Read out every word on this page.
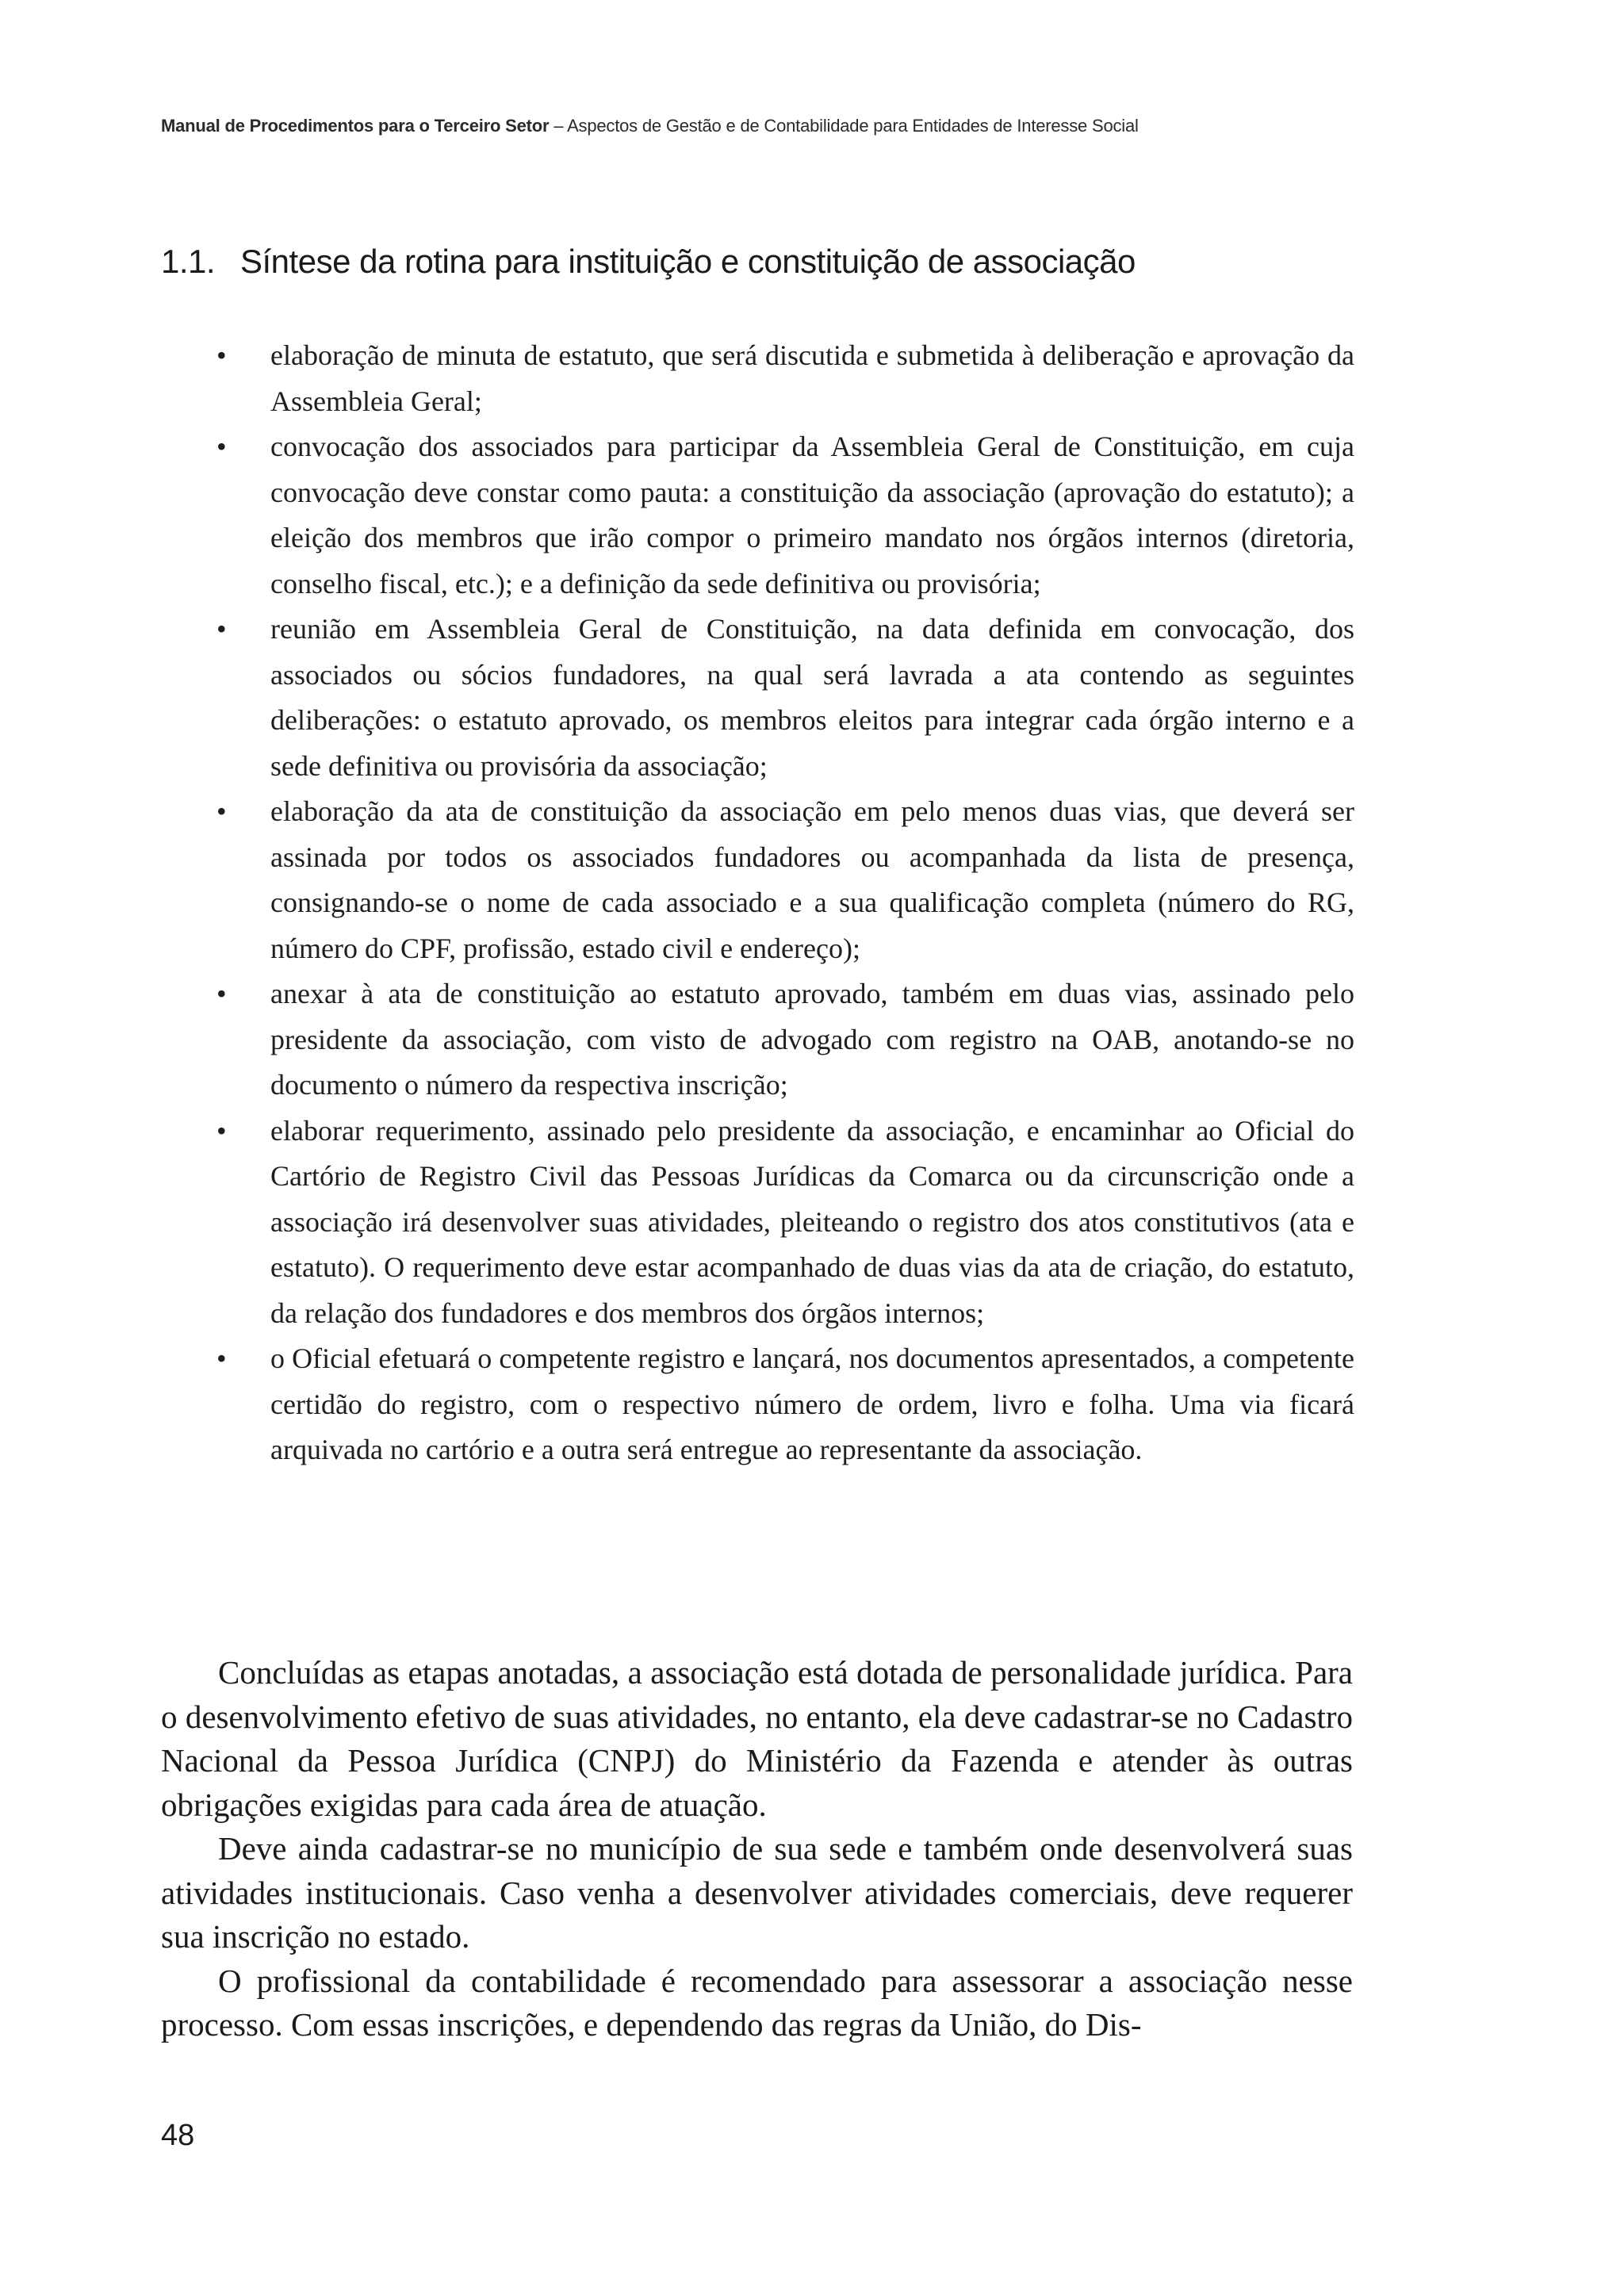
Manual de Procedimentos para o Terceiro Setor – Aspectos de Gestão e de Contabilidade para Entidades de Interesse Social
1.1. Síntese da rotina para instituição e constituição de associação
• elaboração de minuta de estatuto, que será discutida e submetida à deliberação e aprovação da Assembleia Geral;
• convocação dos associados para participar da Assembleia Geral de Constituição, em cuja convocação deve constar como pauta: a constituição da associação (aprovação do estatuto); a eleição dos membros que irão compor o primeiro mandato nos órgãos internos (diretoria, conselho fiscal, etc.); e a definição da sede definitiva ou provisória;
• reunião em Assembleia Geral de Constituição, na data definida em convocação, dos associados ou sócios fundadores, na qual será lavrada a ata contendo as seguintes deliberações: o estatuto aprovado, os membros eleitos para integrar cada órgão interno e a sede definitiva ou provisória da associação;
• elaboração da ata de constituição da associação em pelo menos duas vias, que deverá ser assinada por todos os associados fundadores ou acompanhada da lista de presença, consignando-se o nome de cada associado e a sua qualificação completa (número do RG, número do CPF, profissão, estado civil e endereço);
• anexar à ata de constituição ao estatuto aprovado, também em duas vias, assinado pelo presidente da associação, com visto de advogado com registro na OAB, anotando-se no documento o número da respectiva inscrição;
• elaborar requerimento, assinado pelo presidente da associação, e encaminhar ao Oficial do Cartório de Registro Civil das Pessoas Jurídicas da Comarca ou da circunscrição onde a associação irá desenvolver suas atividades, pleiteando o registro dos atos constitutivos (ata e estatuto). O requerimento deve estar acompanhado de duas vias da ata de criação, do estatuto, da relação dos fundadores e dos membros dos órgãos internos;
• o Oficial efetuará o competente registro e lançará, nos documentos apresentados, a competente certidão do registro, com o respectivo número de ordem, livro e folha. Uma via ficará arquivada no cartório e a outra será entregue ao representante da associação.

Concluídas as etapas anotadas, a associação está dotada de personalidade jurídica. Para o desenvolvimento efetivo de suas atividades, no entanto, ela deve cadastrar-se no Cadastro Nacional da Pessoa Jurídica (CNPJ) do Ministério da Fazenda e atender às outras obrigações exigidas para cada área de atuação.

Deve ainda cadastrar-se no município de sua sede e também onde desenvolverá suas atividades institucionais. Caso venha a desenvolver atividades comerciais, deve requerer sua inscrição no estado.

O profissional da contabilidade é recomendado para assessorar a associação nesse processo. Com essas inscrições, e dependendo das regras da União, do Dis-

48
